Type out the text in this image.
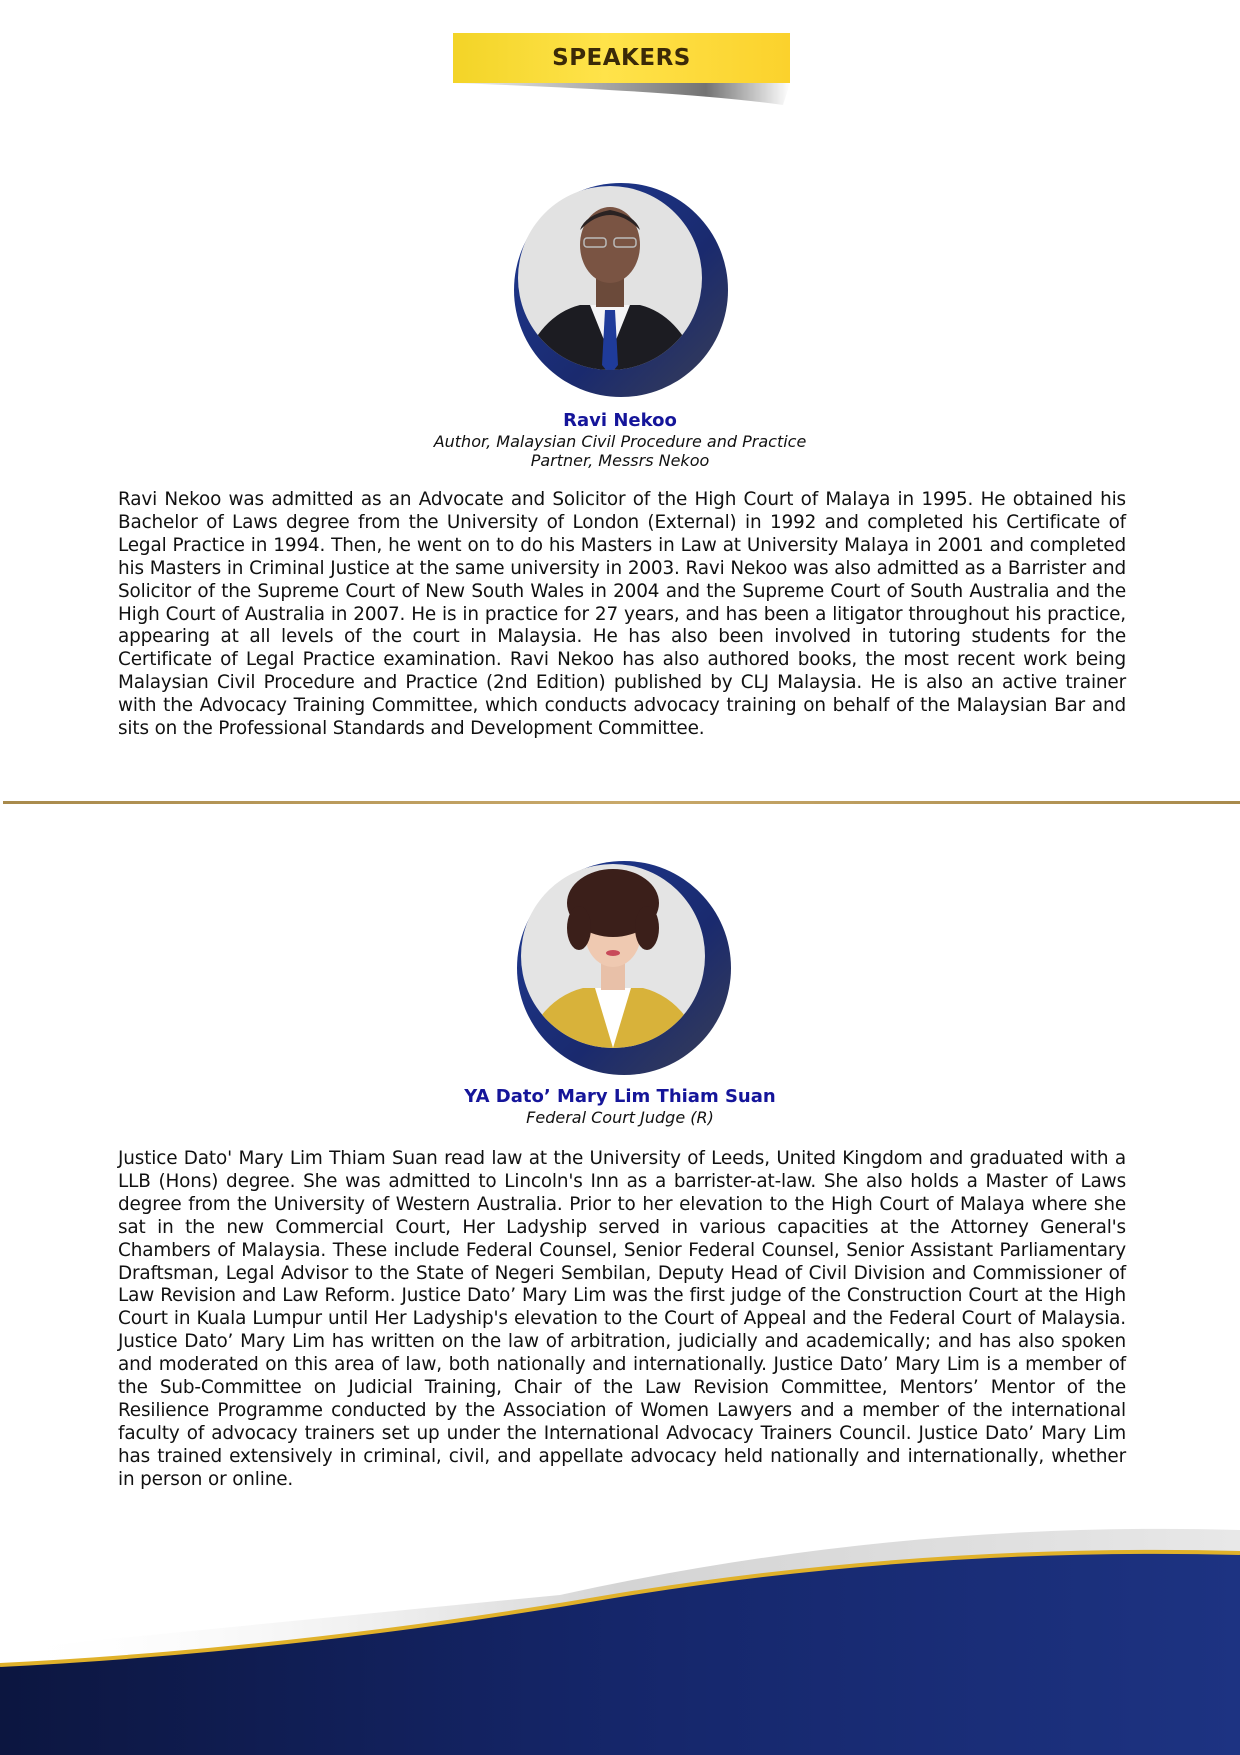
SPEAKERS
Ravi Nekoo
Author, Malaysian Civil Procedure and Practice
Partner, Messrs Nekoo

Ravi Nekoo was admitted as an Advocate and Solicitor of the High Court of Malaya in 1995. He obtained his Bachelor of Laws degree from the University of London (External) in 1992 and completed his Certificate of Legal Practice in 1994. Then, he went on to do his Masters in Law at University Malaya in 2001 and completed his Masters in Criminal Justice at the same university in 2003. Ravi Nekoo was also admitted as a Barrister and Solicitor of the Supreme Court of New South Wales in 2004 and the Supreme Court of South Australia and the High Court of Australia in 2007. He is in practice for 27 years, and has been a litigator throughout his practice, appearing at all levels of the court in Malaysia. He has also been involved in tutoring students for the Certificate of Legal Practice examination. Ravi Nekoo has also authored books, the most recent work being Malaysian Civil Procedure and Practice (2nd Edition) published by CLJ Malaysia. He is also an active trainer with the Advocacy Training Committee, which conducts advocacy training on behalf of the Malaysian Bar and sits on the Professional Standards and Development Committee.

YA Dato’ Mary Lim Thiam Suan
Federal Court Judge (R)

Justice Dato' Mary Lim Thiam Suan read law at the University of Leeds, United Kingdom and graduated with a LLB (Hons) degree. She was admitted to Lincoln's Inn as a barrister-at-law. She also holds a Master of Laws degree from the University of Western Australia. Prior to her elevation to the High Court of Malaya where she sat in the new Commercial Court, Her Ladyship served in various capacities at the Attorney General's Chambers of Malaysia. These include Federal Counsel, Senior Federal Counsel, Senior Assistant Parliamentary Draftsman, Legal Advisor to the State of Negeri Sembilan, Deputy Head of Civil Division and Commissioner of Law Revision and Law Reform. Justice Dato’ Mary Lim was the first judge of the Construction Court at the High Court in Kuala Lumpur until Her Ladyship's elevation to the Court of Appeal and the Federal Court of Malaysia. Justice Dato’ Mary Lim has written on the law of arbitration, judicially and academically; and has also spoken and moderated on this area of law, both nationally and internationally. Justice Dato’ Mary Lim is a member of the Sub-Committee on Judicial Training, Chair of the Law Revision Committee, Mentors’ Mentor of the Resilience Programme conducted by the Association of Women Lawyers and a member of the international faculty of advocacy trainers set up under the International Advocacy Trainers Council. Justice Dato’ Mary Lim has trained extensively in criminal, civil, and appellate advocacy held nationally and internationally, whether in person or online.
